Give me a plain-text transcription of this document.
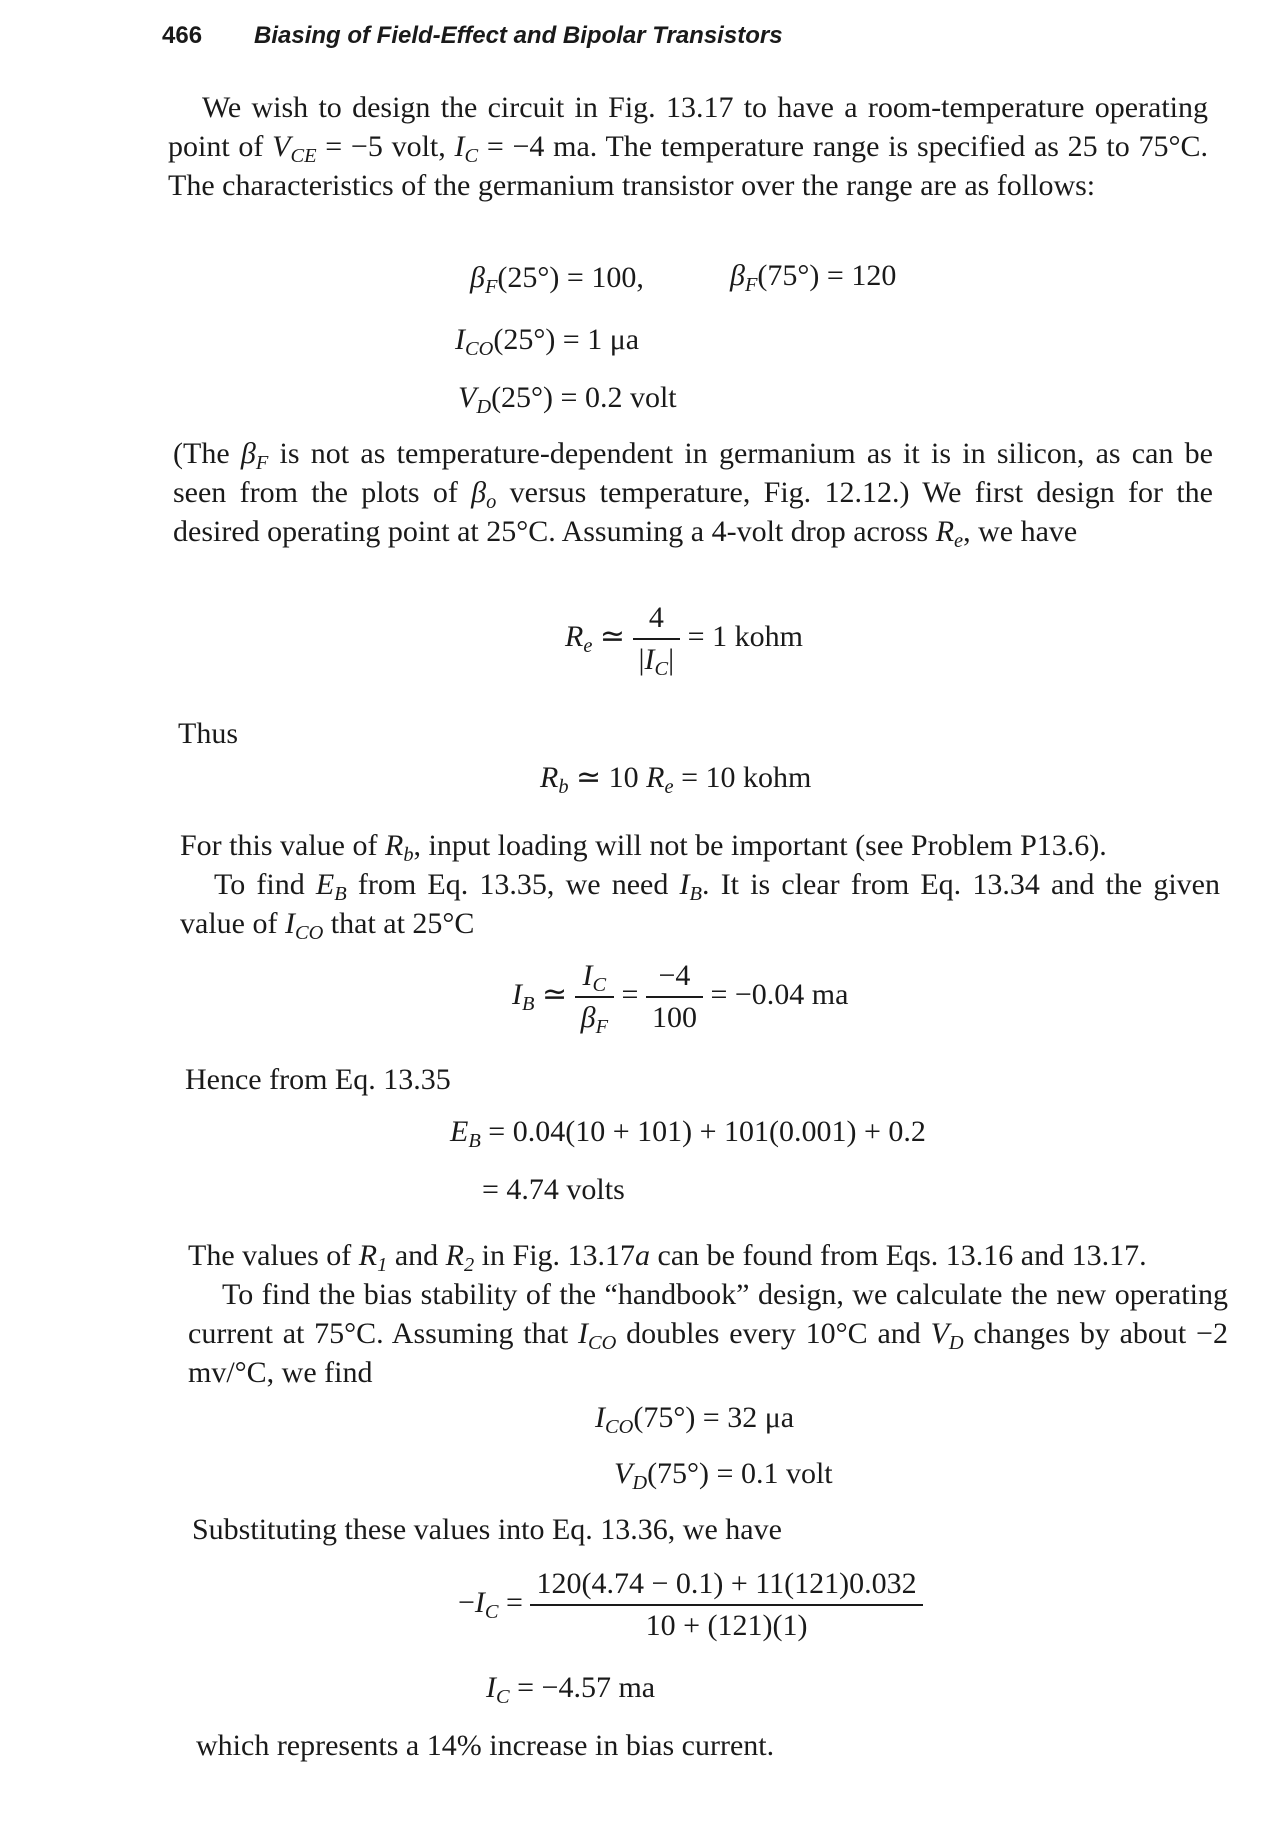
466 Biasing of Field-Effect and Bipolar Transistors

We wish to design the circuit in Fig. 13.17 to have a room-temperature operating point of $V_{CE} = -5$ volt, $I_C = -4$ ma. The temperature range is specified as 25 to 75°C. The characteristics of the germanium transistor over the range are as follows:

$\beta_F(25^\circ) = 100$,	$\beta_F(75^\circ) = 120$
$I_{CO}(25^\circ) = 1$ μa
$V_D(25^\circ) = 0.2$ volt

(The $\beta_F$ is not as temperature-dependent in germanium as it is in silicon, as can be seen from the plots of $\beta_o$ versus temperature, Fig. 12.12.) We first design for the desired operating point at 25°C. Assuming a 4-volt drop across $R_e$, we have

$R_e$ ≃ $\frac{4}{|I_C|} = 1$ kohm
Thus
$R_b$ ≃ 10 $R_e = 10$ kohm

For this value of $R_b$, input loading will not be important (see Problem P13.6).

To find $E_B$ from Eq. 13.35, we need $I_B$. It is clear from Eq. 13.34 and the given value of $I_{CO}$ that at 25°C

$I_B$ ≃ $\frac{I_C}{\beta_F} = \frac{-4}{100} = -0.04$ ma
Hence from Eq. 13.35
$E_B = 0.04(10 + 101) + 101(0.001) + 0.2$
= 4.74 volts

The values of $R_1$ and $R_2$ in Fig. 13.17a can be found from Eqs. 13.16 and 13.17.

To find the bias stability of the “handbook” design, we calculate the new operating current at 75°C. Assuming that $I_{CO}$ doubles every 10°C and $V_D$ changes by about −2 mv/°C, we find

$I_{CO}(75^\circ) = 32$ μa
$V_D(75^\circ) = 0.1$ volt
Substituting these values into Eq. 13.36, we have
$-I_C = \frac{120(4.74 - 0.1) + 11(121)0.032}{10 + (121)(1)}$
$I_C = -4.57$ ma
which represents a 14% increase in bias current.
